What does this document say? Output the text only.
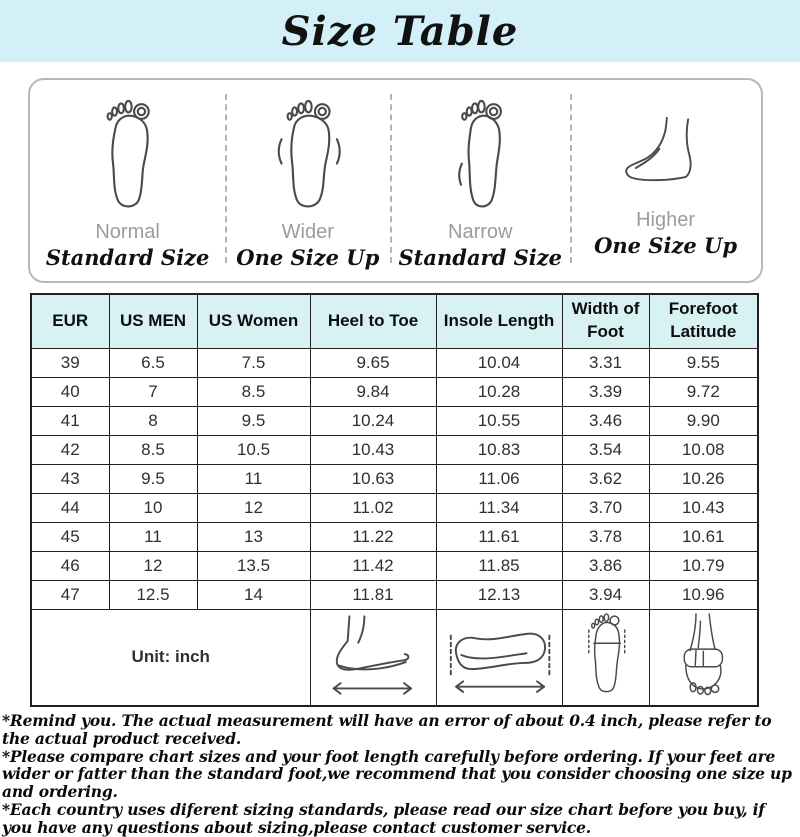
Size Table
Normal
Standard Size
Wider
One Size Up
Narrow
Standard Size
Higher
One Size Up
EUR	US MEN	US Women	Heel to Toe	Insole Length	Width of Foot	Forefoot Latitude
39	6.5	7.5	9.65	10.04	3.31	9.55
40	7	8.5	9.84	10.28	3.39	9.72
41	8	9.5	10.24	10.55	3.46	9.90
42	8.5	10.5	10.43	10.83	3.54	10.08
43	9.5	11	10.63	11.06	3.62	10.26
44	10	12	11.02	11.34	3.70	10.43
45	11	13	11.22	11.61	3.78	10.61
46	12	13.5	11.42	11.85	3.86	10.79
47	12.5	14	11.81	12.13	3.94	10.96
Unit: inch				

*Remind you. The actual measurement will have an error of about 0.4 inch, please refer to the actual product received.

*Please compare chart sizes and your foot length carefully before ordering. If your feet are wider or fatter than the standard foot,we recommend that you consider choosing one size up and ordering.

*Each country uses diferent sizing standards, please read our size chart before you buy, if you have any questions about sizing,please contact customer service.
